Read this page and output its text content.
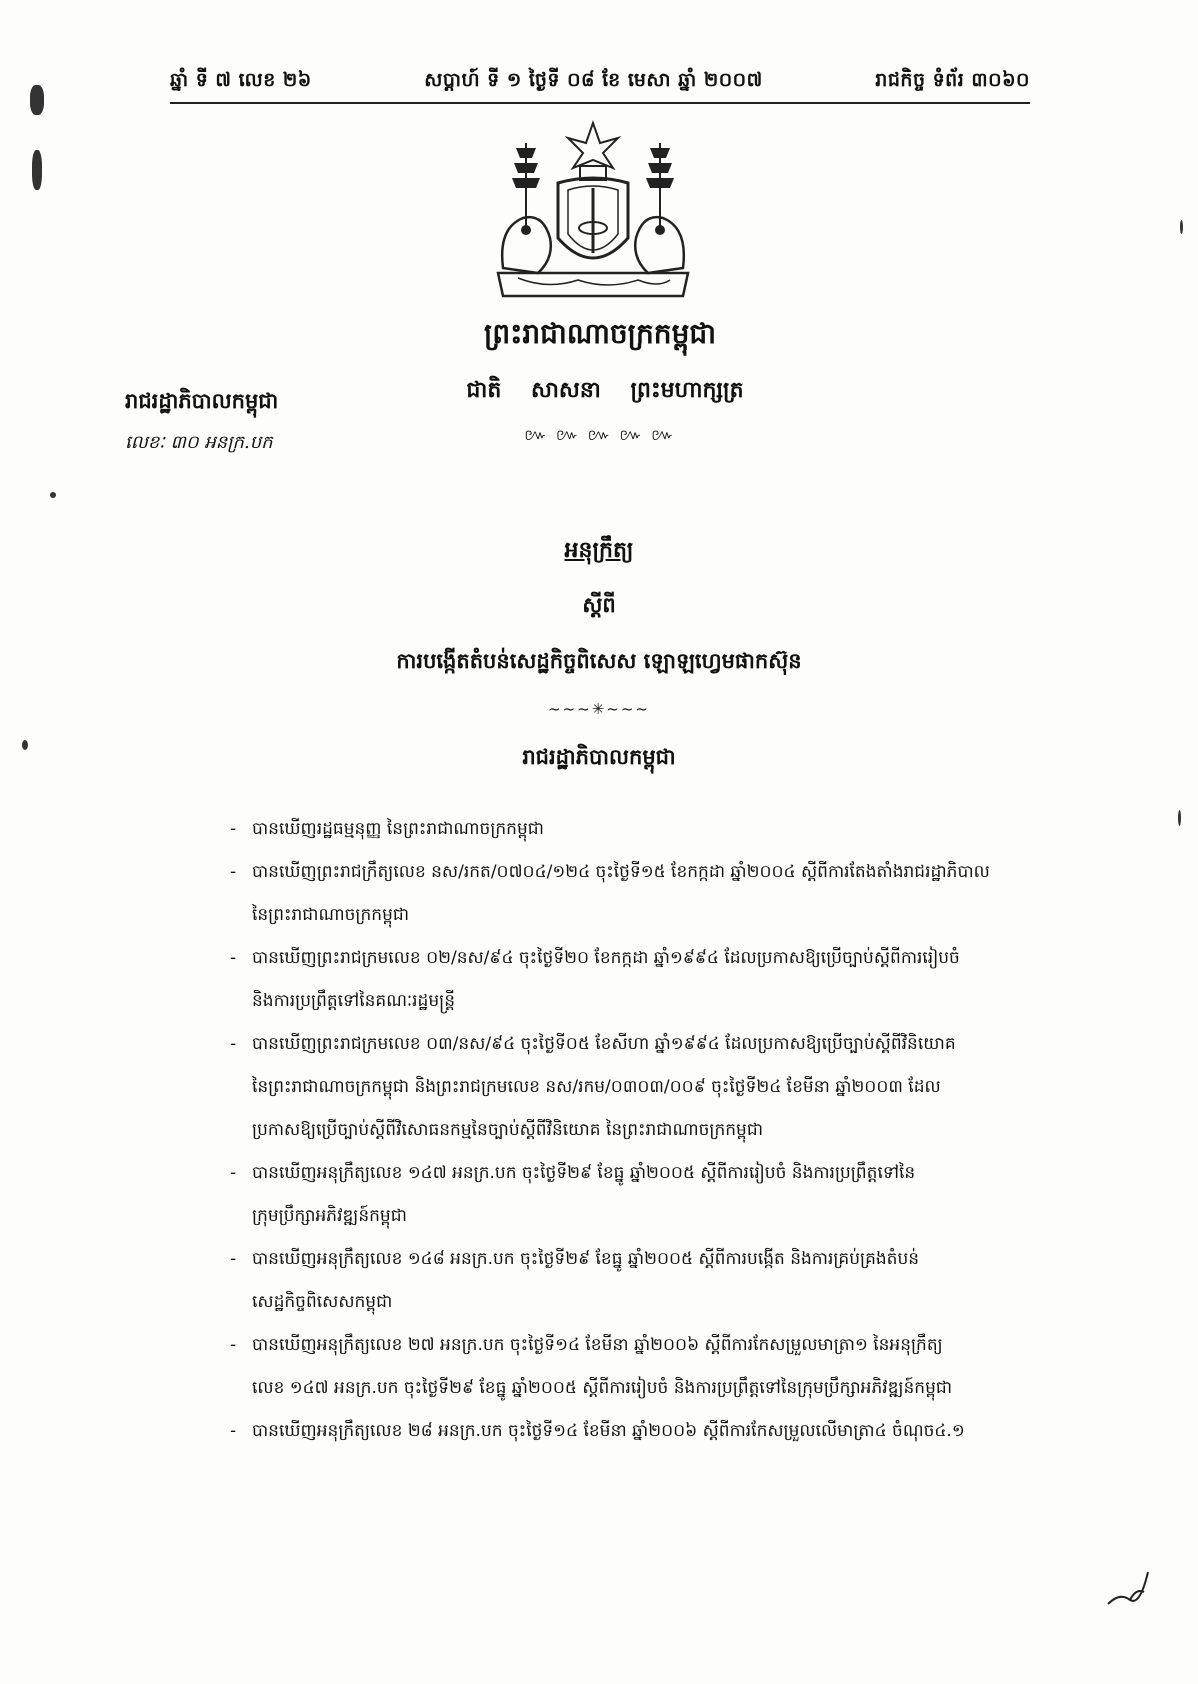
ឆ្នាំ ទី ៧ លេខ ២៦	សប្តាហ៍ ទី ១ ថ្ងៃទី ០៨ ខែ មេសា ឆ្នាំ ២០០៧	រាជកិច្ច ទំព័រ ៣០៦០
ព្រះរាជាណាចក្រកម្ពុជា
ជាតិ សាសនា ព្រះមហាក្សត្រ
៚ ៚ ៚ ៚ ៚
រាជរដ្ឋាភិបាលកម្ពុជា
លេខៈ ៣០ អនក្រ.បក
អនុក្រឹត្យ
ស្តីពី
ការបង្កើតតំបន់សេដ្ឋកិច្ចពិសេស ឡោឡហ្វេមផាកស៊ុន
~~~✳~~~
រាជរដ្ឋាភិបាលកម្ពុជា
- បានឃើញរដ្ឋធម្មនុញ្ញ នៃព្រះរាជាណាចក្រកម្ពុជា
- បានឃើញព្រះរាជក្រឹត្យលេខ នស/រកត/០៧០៤/១២៤ ចុះថ្ងៃទី១៥ ខែកក្កដា ឆ្នាំ២០០៤ ស្តីពីការតែងតាំងរាជរដ្ឋាភិបាល
នៃព្រះរាជាណាចក្រកម្ពុជា
- បានឃើញព្រះរាជក្រមលេខ ០២/នស/៩៤ ចុះថ្ងៃទី២០ ខែកក្កដា ឆ្នាំ១៩៩៤ ដែលប្រកាសឱ្យប្រើច្បាប់ស្តីពីការរៀបចំ
និងការប្រព្រឹត្តទៅនៃគណៈរដ្ឋមន្ត្រី
- បានឃើញព្រះរាជក្រមលេខ ០៣/នស/៩៤ ចុះថ្ងៃទី០៥ ខែសីហា ឆ្នាំ១៩៩៤ ដែលប្រកាសឱ្យប្រើច្បាប់ស្តីពីវិនិយោគ
នៃព្រះរាជាណាចក្រកម្ពុជា និងព្រះរាជក្រមលេខ នស/រកម/០៣០៣/០០៩ ចុះថ្ងៃទី២៤ ខែមីនា ឆ្នាំ២០០៣ ដែល
ប្រកាសឱ្យប្រើច្បាប់ស្តីពីវិសោធនកម្មនៃច្បាប់ស្តីពីវិនិយោគ នៃព្រះរាជាណាចក្រកម្ពុជា
- បានឃើញអនុក្រឹត្យលេខ ១៤៧ អនក្រ.បក ចុះថ្ងៃទី២៩ ខែធ្នូ ឆ្នាំ២០០៥ ស្តីពីការរៀបចំ និងការប្រព្រឹត្តទៅនៃ
ក្រុមប្រឹក្សាអភិវឌ្ឍន៍កម្ពុជា
- បានឃើញអនុក្រឹត្យលេខ ១៤៨ អនក្រ.បក ចុះថ្ងៃទី២៩ ខែធ្នូ ឆ្នាំ២០០៥ ស្តីពីការបង្កើត និងការគ្រប់គ្រងតំបន់
សេដ្ឋកិច្ចពិសេសកម្ពុជា
- បានឃើញអនុក្រឹត្យលេខ ២៧ អនក្រ.បក ចុះថ្ងៃទី១៤ ខែមីនា ឆ្នាំ២០០៦ ស្តីពីការកែសម្រួលមាត្រា១ នៃអនុក្រឹត្យ
លេខ ១៤៧ អនក្រ.បក ចុះថ្ងៃទី២៩ ខែធ្នូ ឆ្នាំ២០០៥ ស្តីពីការរៀបចំ និងការប្រព្រឹត្តទៅនៃក្រុមប្រឹក្សាអភិវឌ្ឍន៍កម្ពុជា
- បានឃើញអនុក្រឹត្យលេខ ២៨ អនក្រ.បក ចុះថ្ងៃទី១៤ ខែមីនា ឆ្នាំ២០០៦ ស្តីពីការកែសម្រួលលើមាត្រា៤ ចំណុច៤.១
